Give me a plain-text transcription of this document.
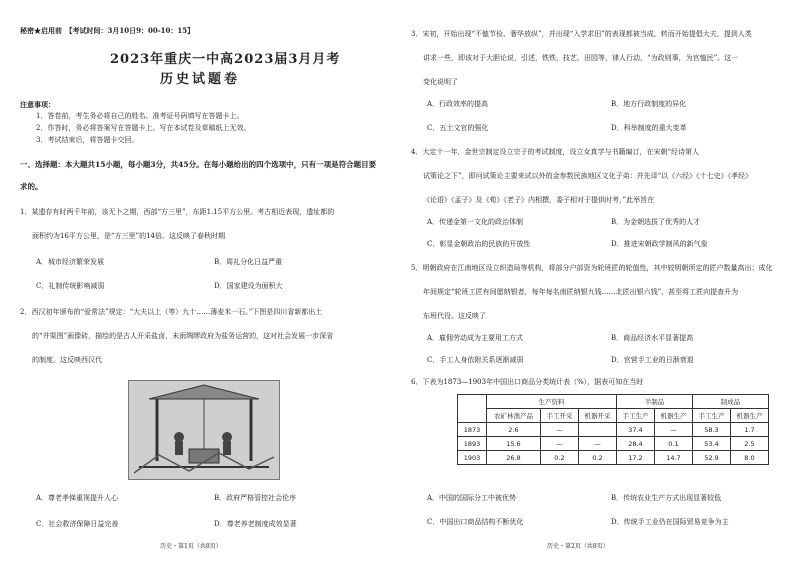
秘密★启用前　【考试时间：3月10日9：00-10：15】
2023年重庆一中高2023届3月月考
历史试题卷
注意事项：
1．答卷前，考生务必将自己的姓名、准考证号码填写在答题卡上。
2．作答时，务必将答案写在答题卡上。写在本试卷及草稿纸上无效。
3．考试结束后，将答题卡交回。
一、选择题：本大题共15小题，每小题3分，共45分。在每小题给出的四个选项中，只有一项是符合题目要
求的。
1．某遗存有时两千年前，该无卜之期，西部“方三里”，东距1.15平方公里。考古相近表现，遗址都的
面积约为16平方公里，是“方三里”的14倍。这反映了春秋时期
A．城市经济繁荣发展	B．周礼分化日益严重
C．礼制传统影响减弱	D．国家建设为面积大
2．西汉初年颁布的“爱常法”规定：“大夫以上（等）九十……薄麦米一石。”下图是四川省新都出土
的“井渠图”画像砖，描绘的是古人开采盐卤，未雨绸缪政府为盐务运营的，这对社会发展一步深省
的制度。这反映西汉代
A．尊老孝悌重视提升人心	B．政府严格管控社会伦序
C．社会救济保障日益完善	D．尊老养老制度成效显著
历史・第1页（共8页）
3．宋初，开始出现“不恤节俭、奢华放纵”，并出现“入学求田”的表现都被当成，转而开始提倡大夫，提到人类
讲求一些，即该对于大胆论说，引述，铁铁，技艺，田园等，律人行动，“为政则事，为官恤民”。这一
变化说明了
A．行政效率的提高	B．地方行政制度的异化
C．五士文官的强化	D．科举制度的重大变革
4．大定十一年，金世宗制定设立宗子的考试制度，设立女真学与书籍编订，在宋朝“经诗第人
试策论之下”，即问试策论主要来试以外的金参数民族地区文化子弟：并先译“以《六经》《十七史》《孝经》
《论语》《孟子》及《荀》《老子》内相撰，委子相对于提供时考，”此举旨在
A．传递金第一文化的政治体制	B．为金朝选拔了优秀的人才
C．彰显金朝政治的民族的开放性	D．推进宋朝政学制风的新气象
5．明朝政府在江南地区设立织造局等机构，将部分户部资为轮班匠的轮值性，其中较明朝所定的匠户数量高出；成化
年间规定“轮班工匠有间愿纳银者，每年每名南匠纳银九钱……北匠出银六钱”，甚至将工匠向提查升为
东班代役。这反映了
A．雇佣劳动成为主要用工方式	B．商品经济水平显著提高
C．手工人身依附关系逐渐减弱	D．官营手工业的日渐衰退
6．下表为1873—1903年中国出口商品分类统计表（%），据表可知在当时
	生产资料			半制品		制成品	
	农矿林渔产品	手工开采	机器开采	手工生产	机器生产	手工生产	机器生产
1873	2.6	—		37.4	—	58.3	1.7
1893	15.6	—	—	28.4	0.1	53.4	2.5
1903	26.8	0.2	0.2	17.2	14.7	52.9	8.0
A．中国的国际分工中被优势	B．传统农业生产方式出现显著较低
C．中国出口商品结构不断优化	D．传统手工业仍在国际贸易竞争为主
历史・第2页（共8页）
